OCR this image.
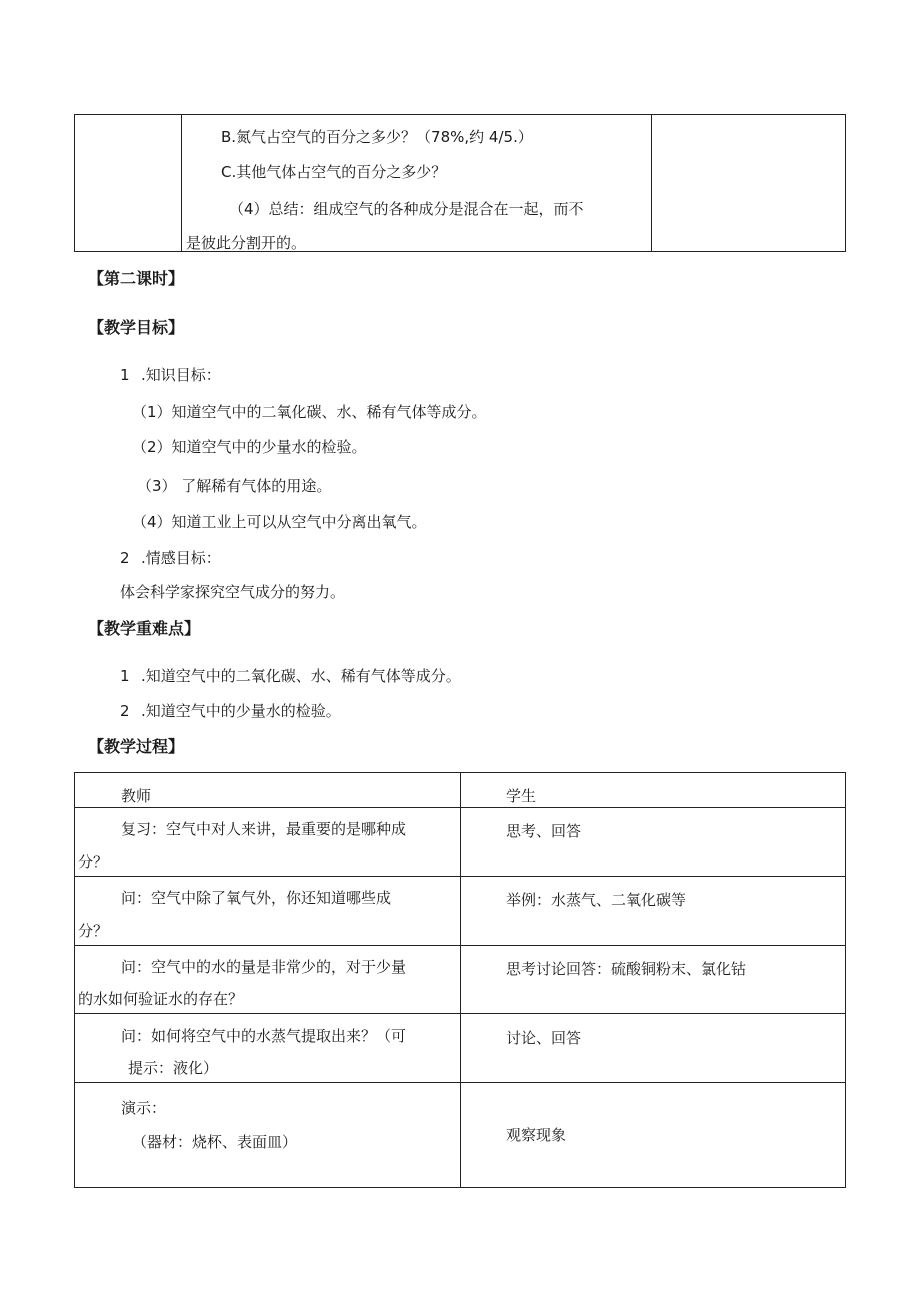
B.氮气占空气的百分之多少？（78%,约 4/5.）
C.其他气体占空气的百分之多少？
（4）总结：组成空气的各种成分是混合在一起，而不
是彼此分割开的。
【第二课时】
【教学目标】
1 .知识目标：
（1）知道空气中的二氧化碳、水、稀有气体等成分。
（2）知道空气中的少量水的检验。
（3） 了解稀有气体的用途。
（4）知道工业上可以从空气中分离出氧气。
2 .情感目标：
体会科学家探究空气成分的努力。
【教学重难点】
1 .知道空气中的二氧化碳、水、稀有气体等成分。
2 .知道空气中的少量水的检验。
【教学过程】
教师	学生
复习：空气中对人来讲，最重要的是哪种成
分？
思考、回答
问：空气中除了氧气外，你还知道哪些成
分？
举例：水蒸气、二氧化碳等
问：空气中的水的量是非常少的，对于少量
的水如何验证水的存在？
思考讨论回答：硫酸铜粉末、氯化钴
问：如何将空气中的水蒸气提取出来？（可
提示：液化）
讨论、回答
演示：
（器材：烧杯、表面皿）	观察现象
